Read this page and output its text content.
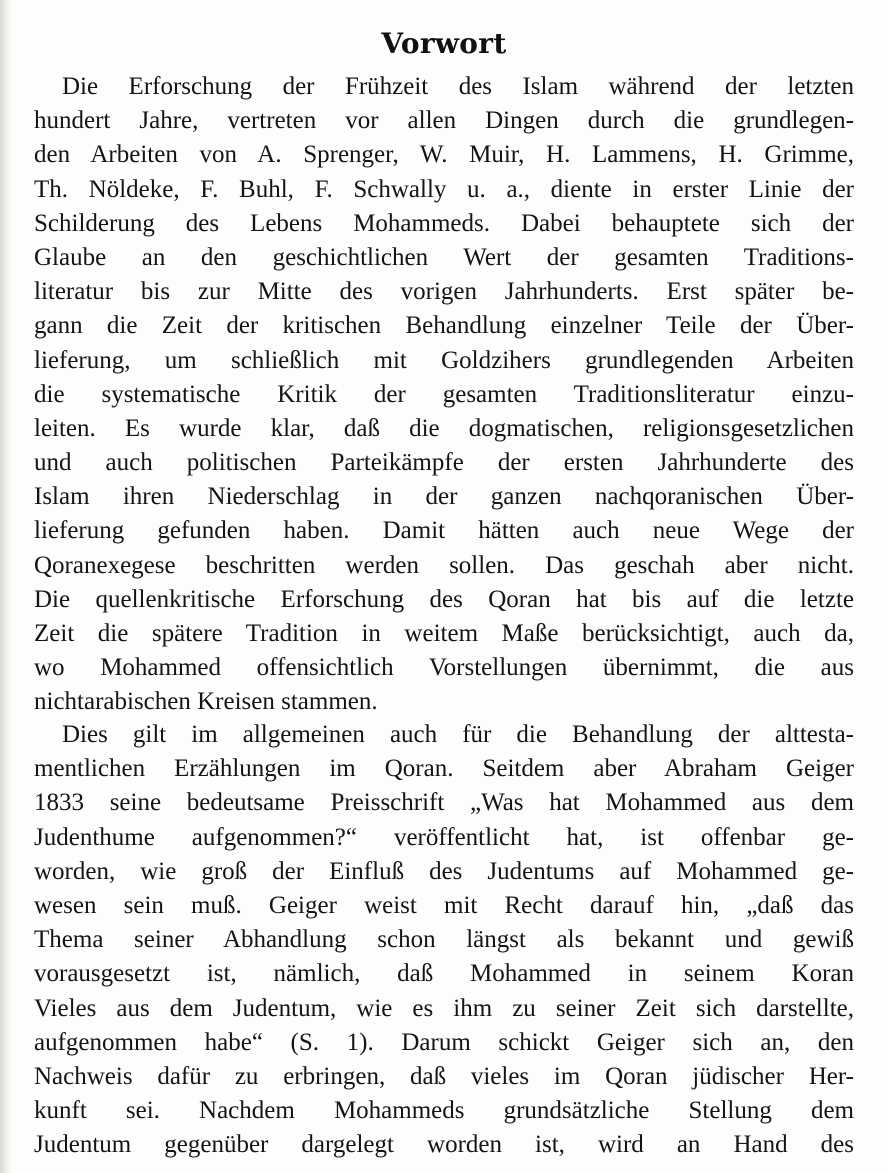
Vorwort
Die Erforschung der Frühzeit des Islam während der letzten
hundert Jahre, vertreten vor allen Dingen durch die grundlegen-
den Arbeiten von A. Sprenger, W. Muir, H. Lammens, H. Grimme,
Th. Nöldeke, F. Buhl, F. Schwally u. a., diente in erster Linie der
Schilderung des Lebens Mohammeds. Dabei behauptete sich der
Glaube an den geschichtlichen Wert der gesamten Traditions-
literatur bis zur Mitte des vorigen Jahrhunderts. Erst später be-
gann die Zeit der kritischen Behandlung einzelner Teile der Über-
lieferung, um schließlich mit Goldzihers grundlegenden Arbeiten
die systematische Kritik der gesamten Traditionsliteratur einzu-
leiten. Es wurde klar, daß die dogmatischen, religionsgesetzlichen
und auch politischen Parteikämpfe der ersten Jahrhunderte des
Islam ihren Niederschlag in der ganzen nachqoranischen Über-
lieferung gefunden haben. Damit hätten auch neue Wege der
Qoranexegese beschritten werden sollen. Das geschah aber nicht.
Die quellenkritische Erforschung des Qoran hat bis auf die letzte
Zeit die spätere Tradition in weitem Maße berücksichtigt, auch da,
wo Mohammed offensichtlich Vorstellungen übernimmt, die aus
nichtarabischen Kreisen stammen.
Dies gilt im allgemeinen auch für die Behandlung der alttesta-
mentlichen Erzählungen im Qoran. Seitdem aber Abraham Geiger
1833 seine bedeutsame Preisschrift „Was hat Mohammed aus dem
Judenthume aufgenommen?“ veröffentlicht hat, ist offenbar ge-
worden, wie groß der Einfluß des Judentums auf Mohammed ge-
wesen sein muß. Geiger weist mit Recht darauf hin, „daß das
Thema seiner Abhandlung schon längst als bekannt und gewiß
vorausgesetzt ist, nämlich, daß Mohammed in seinem Koran
Vieles aus dem Judentum, wie es ihm zu seiner Zeit sich darstellte,
aufgenommen habe“ (S. 1). Darum schickt Geiger sich an, den
Nachweis dafür zu erbringen, daß vieles im Qoran jüdischer Her-
kunft sei. Nachdem Mohammeds grundsätzliche Stellung dem
Judentum gegenüber dargelegt worden ist, wird an Hand des
